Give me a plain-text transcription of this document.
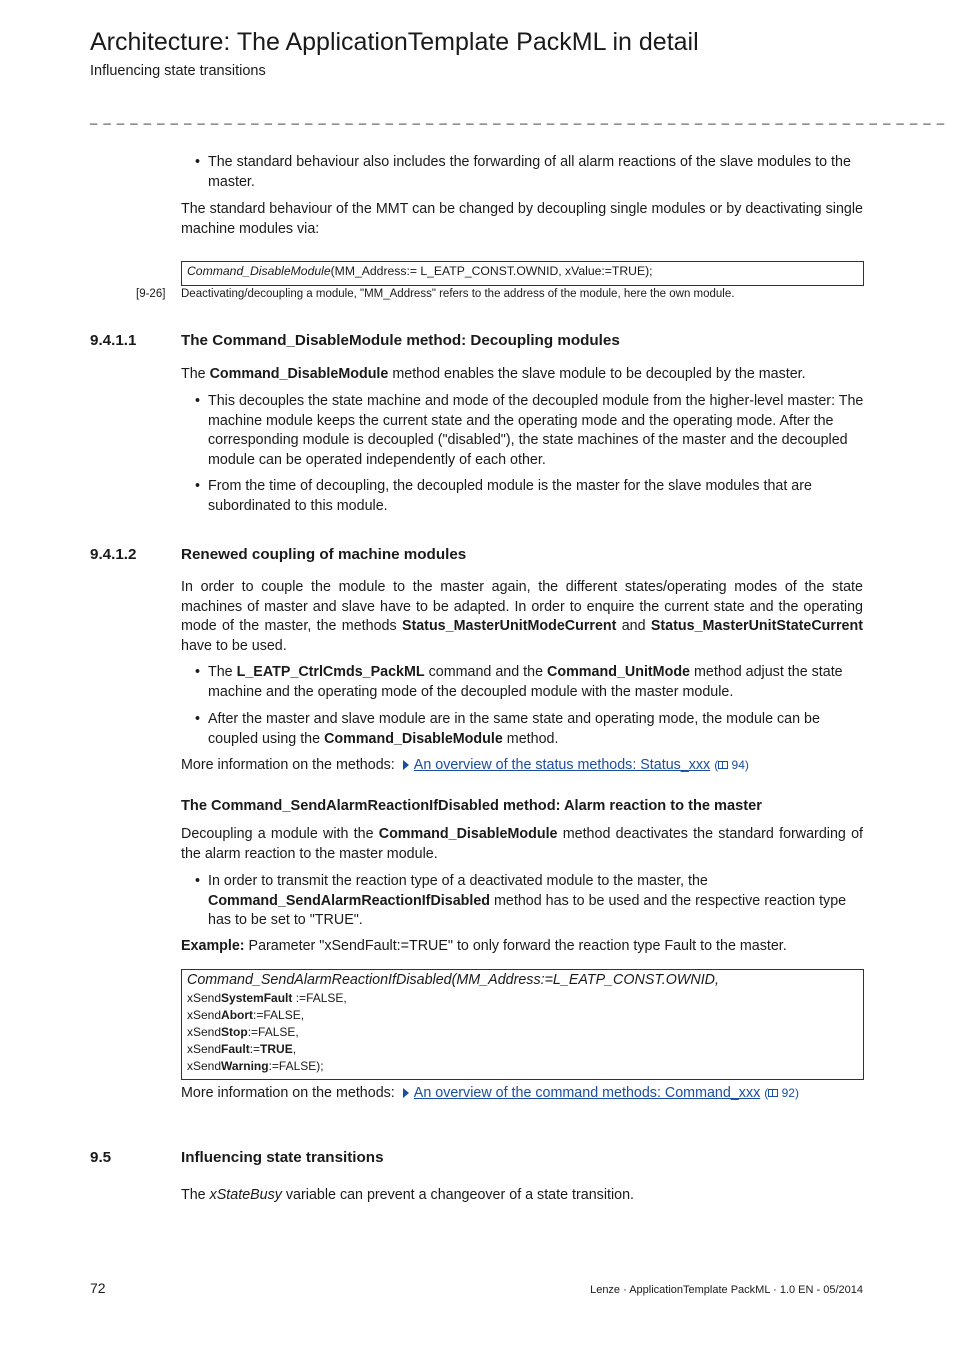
Architecture: The ApplicationTemplate PackML in detail
Influencing state transitions
_ _ _ _ _ _ _ _ _ _ _ _ _ _ _ _ _ _ _ _ _ _ _ _ _ _ _ _ _ _ _ _ _ _ _ _ _ _ _ _ _ _ _ _ _ _ _ _ _ _ _ _ _ _ _ _ _ _ _ _ _ _ _ _
• The standard behaviour also includes the forwarding of all alarm reactions of the slave modules to the master.
The standard behaviour of the MMT can be changed by decoupling single modules or by deactivating single machine modules via:
Command_DisableModule(MM_Address:= L_EATP_CONST.OWNID, xValue:=TRUE);
[9-26] Deactivating/decoupling a module, "MM_Address" refers to the address of the module, here the own module.
9.4.1.1	The Command_DisableModule method: Decoupling modules
The Command_DisableModule method enables the slave module to be decoupled by the master.
• This decouples the state machine and mode of the decoupled module from the higher-level master: The machine module keeps the current state and the operating mode and the operating mode. After the corresponding module is decoupled ("disabled"), the state machines of the master and the decoupled module can be operated independently of each other.
• From the time of decoupling, the decoupled module is the master for the slave modules that are subordinated to this module.
9.4.1.2	Renewed coupling of machine modules
In order to couple the module to the master again, the different states/operating modes of the state machines of master and slave have to be adapted. In order to enquire the current state and the operating mode of the master, the methods Status_MasterUnitModeCurrent and Status_MasterUnitStateCurrent have to be used.
• The L_EATP_CtrlCmds_PackML command and the Command_UnitMode method adjust the state machine and the operating mode of the decoupled module with the master module.
• After the master and slave module are in the same state and operating mode, the module can be coupled using the Command_DisableModule method.
More information on the methods: An overview of the status methods: Status_xxx ( 94)
The Command_SendAlarmReactionIfDisabled method: Alarm reaction to the master
Decoupling a module with the Command_DisableModule method deactivates the standard forwarding of the alarm reaction to the master module.
• In order to transmit the reaction type of a deactivated module to the master, the Command_SendAlarmReactionIfDisabled method has to be used and the respective reaction type has to be set to "TRUE".
Example: Parameter "xSendFault:=TRUE" to only forward the reaction type Fault to the master.
Command_SendAlarmReactionIfDisabled(MM_Address:=L_EATP_CONST.OWNID,
xSendSystemFault :=FALSE,
xSendAbort:=FALSE,
xSendStop:=FALSE,
xSendFault:=TRUE,
xSendWarning:=FALSE);
More information on the methods: An overview of the command methods: Command_xxx ( 92)
9.5	Influencing state transitions
The xStateBusy variable can prevent a changeover of a state transition.
72	Lenze · ApplicationTemplate PackML · 1.0 EN - 05/2014
